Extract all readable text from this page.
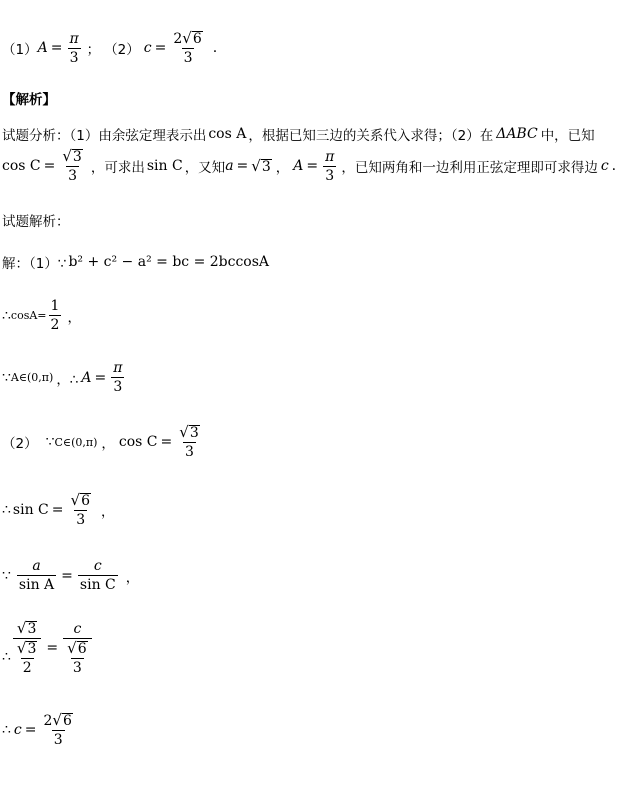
（1） $A = \frac{\pi}{3}$ ； （2） $c = \frac{2 √ 6}{3}$ .
【解析】
试题分析：（1）由余弦定理表示出 cos A ，根据已知三边的关系代入求得；（2）在 ΔABC 中，已知
$\cos C = \frac{√ 3}{3}$ ，可求出 sin C ，又知 a = √ 3 ， $A = \frac{\pi}{3}$ ，已知两角和一边利用正弦定理即可求得边 c .
试题解析：
解：（1）∵ b² + c² − a² = bc = 2bccosA
∴ $\cos A= \frac{1}{2}$ ，
∵ A∈(0,π) ，∴ $A = \frac{\pi}{3}$
（2） ∵ C∈(0,π) ， $\cos C = \frac{√ 3}{3}$
∴ $\sin C = \frac{√ 6}{3}$ ，
∵ $\frac{a}{\text{sin A}} = \frac{c}{\text{sin C}}$ ，
∴ $\frac{√ 3}{\frac{√ 3}{2}} = \frac{c}{\frac{√ 6}{3}}$
∴ $c = \frac{2 √ 6}{3}$
